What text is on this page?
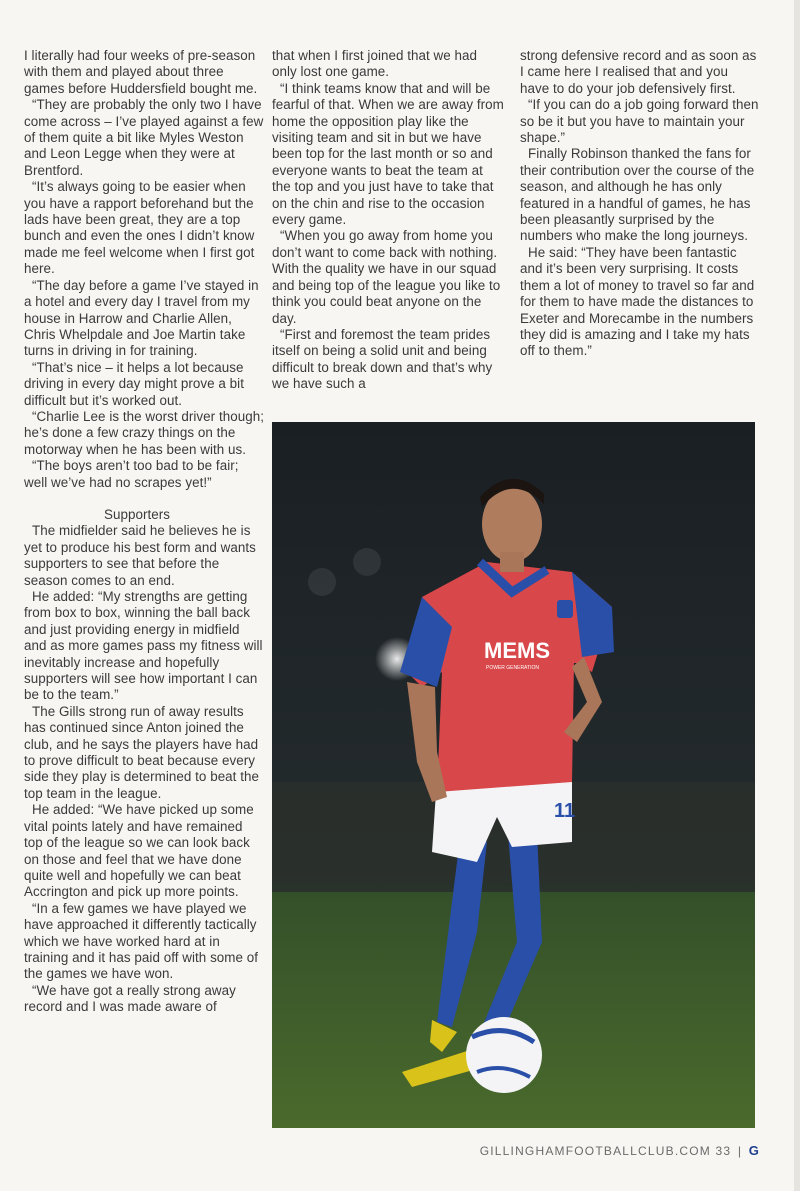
I literally had four weeks of pre-season with them and played about three games before Huddersfield bought me.

“They are probably the only two I have come across – I’ve played against a few of them quite a bit like Myles Weston and Leon Legge when they were at Brentford.

“It’s always going to be easier when you have a rapport beforehand but the lads have been great, they are a top bunch and even the ones I didn’t know made me feel welcome when I first got here.

“The day before a game I’ve stayed in a hotel and every day I travel from my house in Harrow and Charlie Allen, Chris Whelpdale and Joe Martin take turns in driving in for training.

“That’s nice – it helps a lot because driving in every day might prove a bit difficult but it’s worked out.

“Charlie Lee is the worst driver though; he’s done a few crazy things on the motorway when he has been with us.

“The boys aren’t too bad to be fair; well we’ve had no scrapes yet!”

Supporters

The midfielder said he believes he is yet to produce his best form and wants supporters to see that before the season comes to an end.

He added: “My strengths are getting from box to box, winning the ball back and just providing energy in midfield and as more games pass my fitness will inevitably increase and hopefully supporters will see how important I can be to the team.”

The Gills strong run of away results has continued since Anton joined the club, and he says the players have had to prove difficult to beat because every side they play is determined to beat the top team in the league.

He added: “We have picked up some vital points lately and have remained top of the league so we can look back on those and feel that we have done quite well and hopefully we can beat Accrington and pick up more points.

“In a few games we have played we have approached it differently tactically which we have worked hard at in training and it has paid off with some of the games we have won.

“We have got a really strong away record and I was made aware of

that when I first joined that we had only lost one game.

“I think teams know that and will be fearful of that. When we are away from home the opposition play like the visiting team and sit in but we have been top for the last month or so and everyone wants to beat the team at the top and you just have to take that on the chin and rise to the occasion every game.

“When you go away from home you don’t want to come back with nothing. With the quality we have in our squad and being top of the league you like to think you could beat anyone on the day.

“First and foremost the team prides itself on being a solid unit and being difficult to break down and that’s why we have such a

strong defensive record and as soon as I came here I realised that and you have to do your job defensively first.

“If you can do a job going forward then so be it but you have to maintain your shape.”

Finally Robinson thanked the fans for their contribution over the course of the season, and although he has only featured in a handful of games, he has been pleasantly surprised by the numbers who make the long journeys.

He said: “They have been fantastic and it’s been very surprising. It costs them a lot of money to travel so far and for them to have made the distances to Exeter and Morecambe in the numbers they did is amazing and I take my hats off to them.”

MEMS
POWER GENERATION
11
GILLINGHAMFOOTBALLCLUB.COM 33 | G
